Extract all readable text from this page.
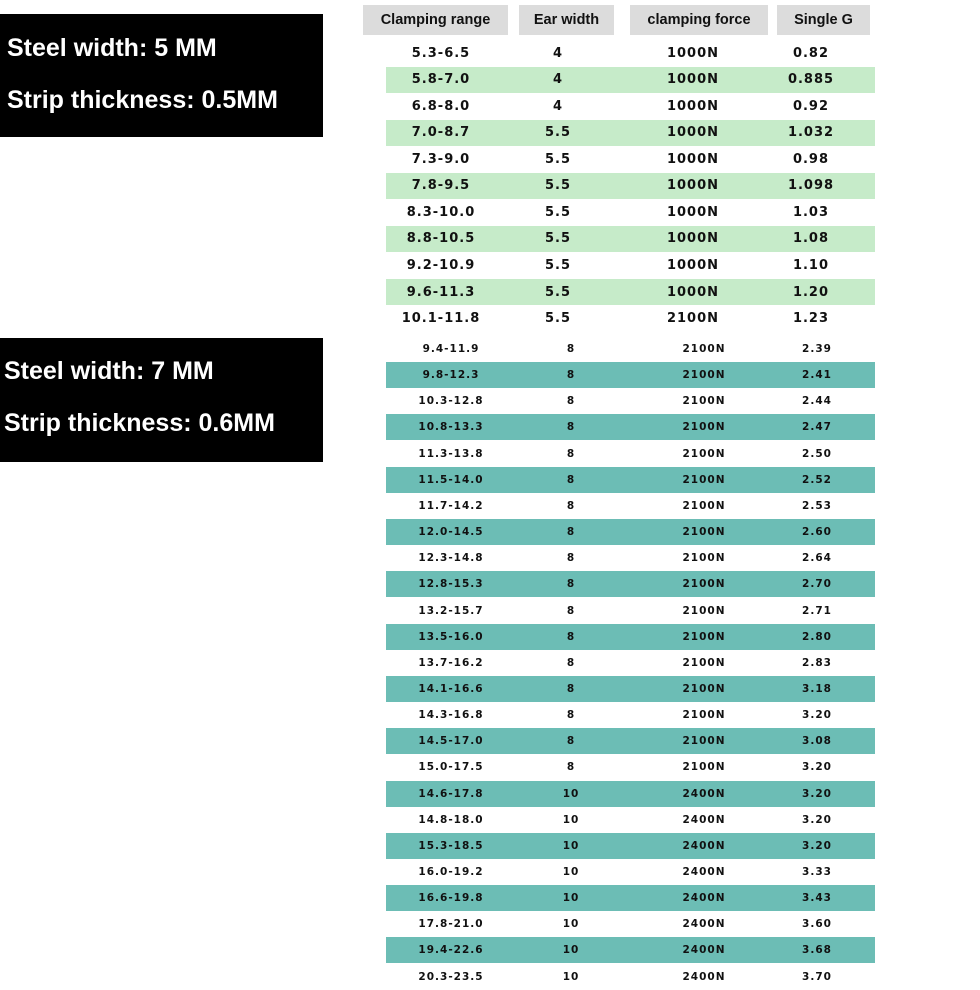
Steel width: 5 MM
Strip thickness: 0.5MM
Steel width: 7 MM
Strip thickness: 0.6MM
Clamping range	Ear width	clamping force	Single G
5.3-6.5	4	1000N	0.82
5.8-7.0	4	1000N	0.885
6.8-8.0	4	1000N	0.92
7.0-8.7	5.5	1000N	1.032
7.3-9.0	5.5	1000N	0.98
7.8-9.5	5.5	1000N	1.098
8.3-10.0	5.5	1000N	1.03
8.8-10.5	5.5	1000N	1.08
9.2-10.9	5.5	1000N	1.10
9.6-11.3	5.5	1000N	1.20
10.1-11.8	5.5	2100N	1.23
9.4-11.9	8	2100N	2.39
9.8-12.3	8	2100N	2.41
10.3-12.8	8	2100N	2.44
10.8-13.3	8	2100N	2.47
11.3-13.8	8	2100N	2.50
11.5-14.0	8	2100N	2.52
11.7-14.2	8	2100N	2.53
12.0-14.5	8	2100N	2.60
12.3-14.8	8	2100N	2.64
12.8-15.3	8	2100N	2.70
13.2-15.7	8	2100N	2.71
13.5-16.0	8	2100N	2.80
13.7-16.2	8	2100N	2.83
14.1-16.6	8	2100N	3.18
14.3-16.8	8	2100N	3.20
14.5-17.0	8	2100N	3.08
15.0-17.5	8	2100N	3.20
14.6-17.8	10	2400N	3.20
14.8-18.0	10	2400N	3.20
15.3-18.5	10	2400N	3.20
16.0-19.2	10	2400N	3.33
16.6-19.8	10	2400N	3.43
17.8-21.0	10	2400N	3.60
19.4-22.6	10	2400N	3.68
20.3-23.5	10	2400N	3.70
